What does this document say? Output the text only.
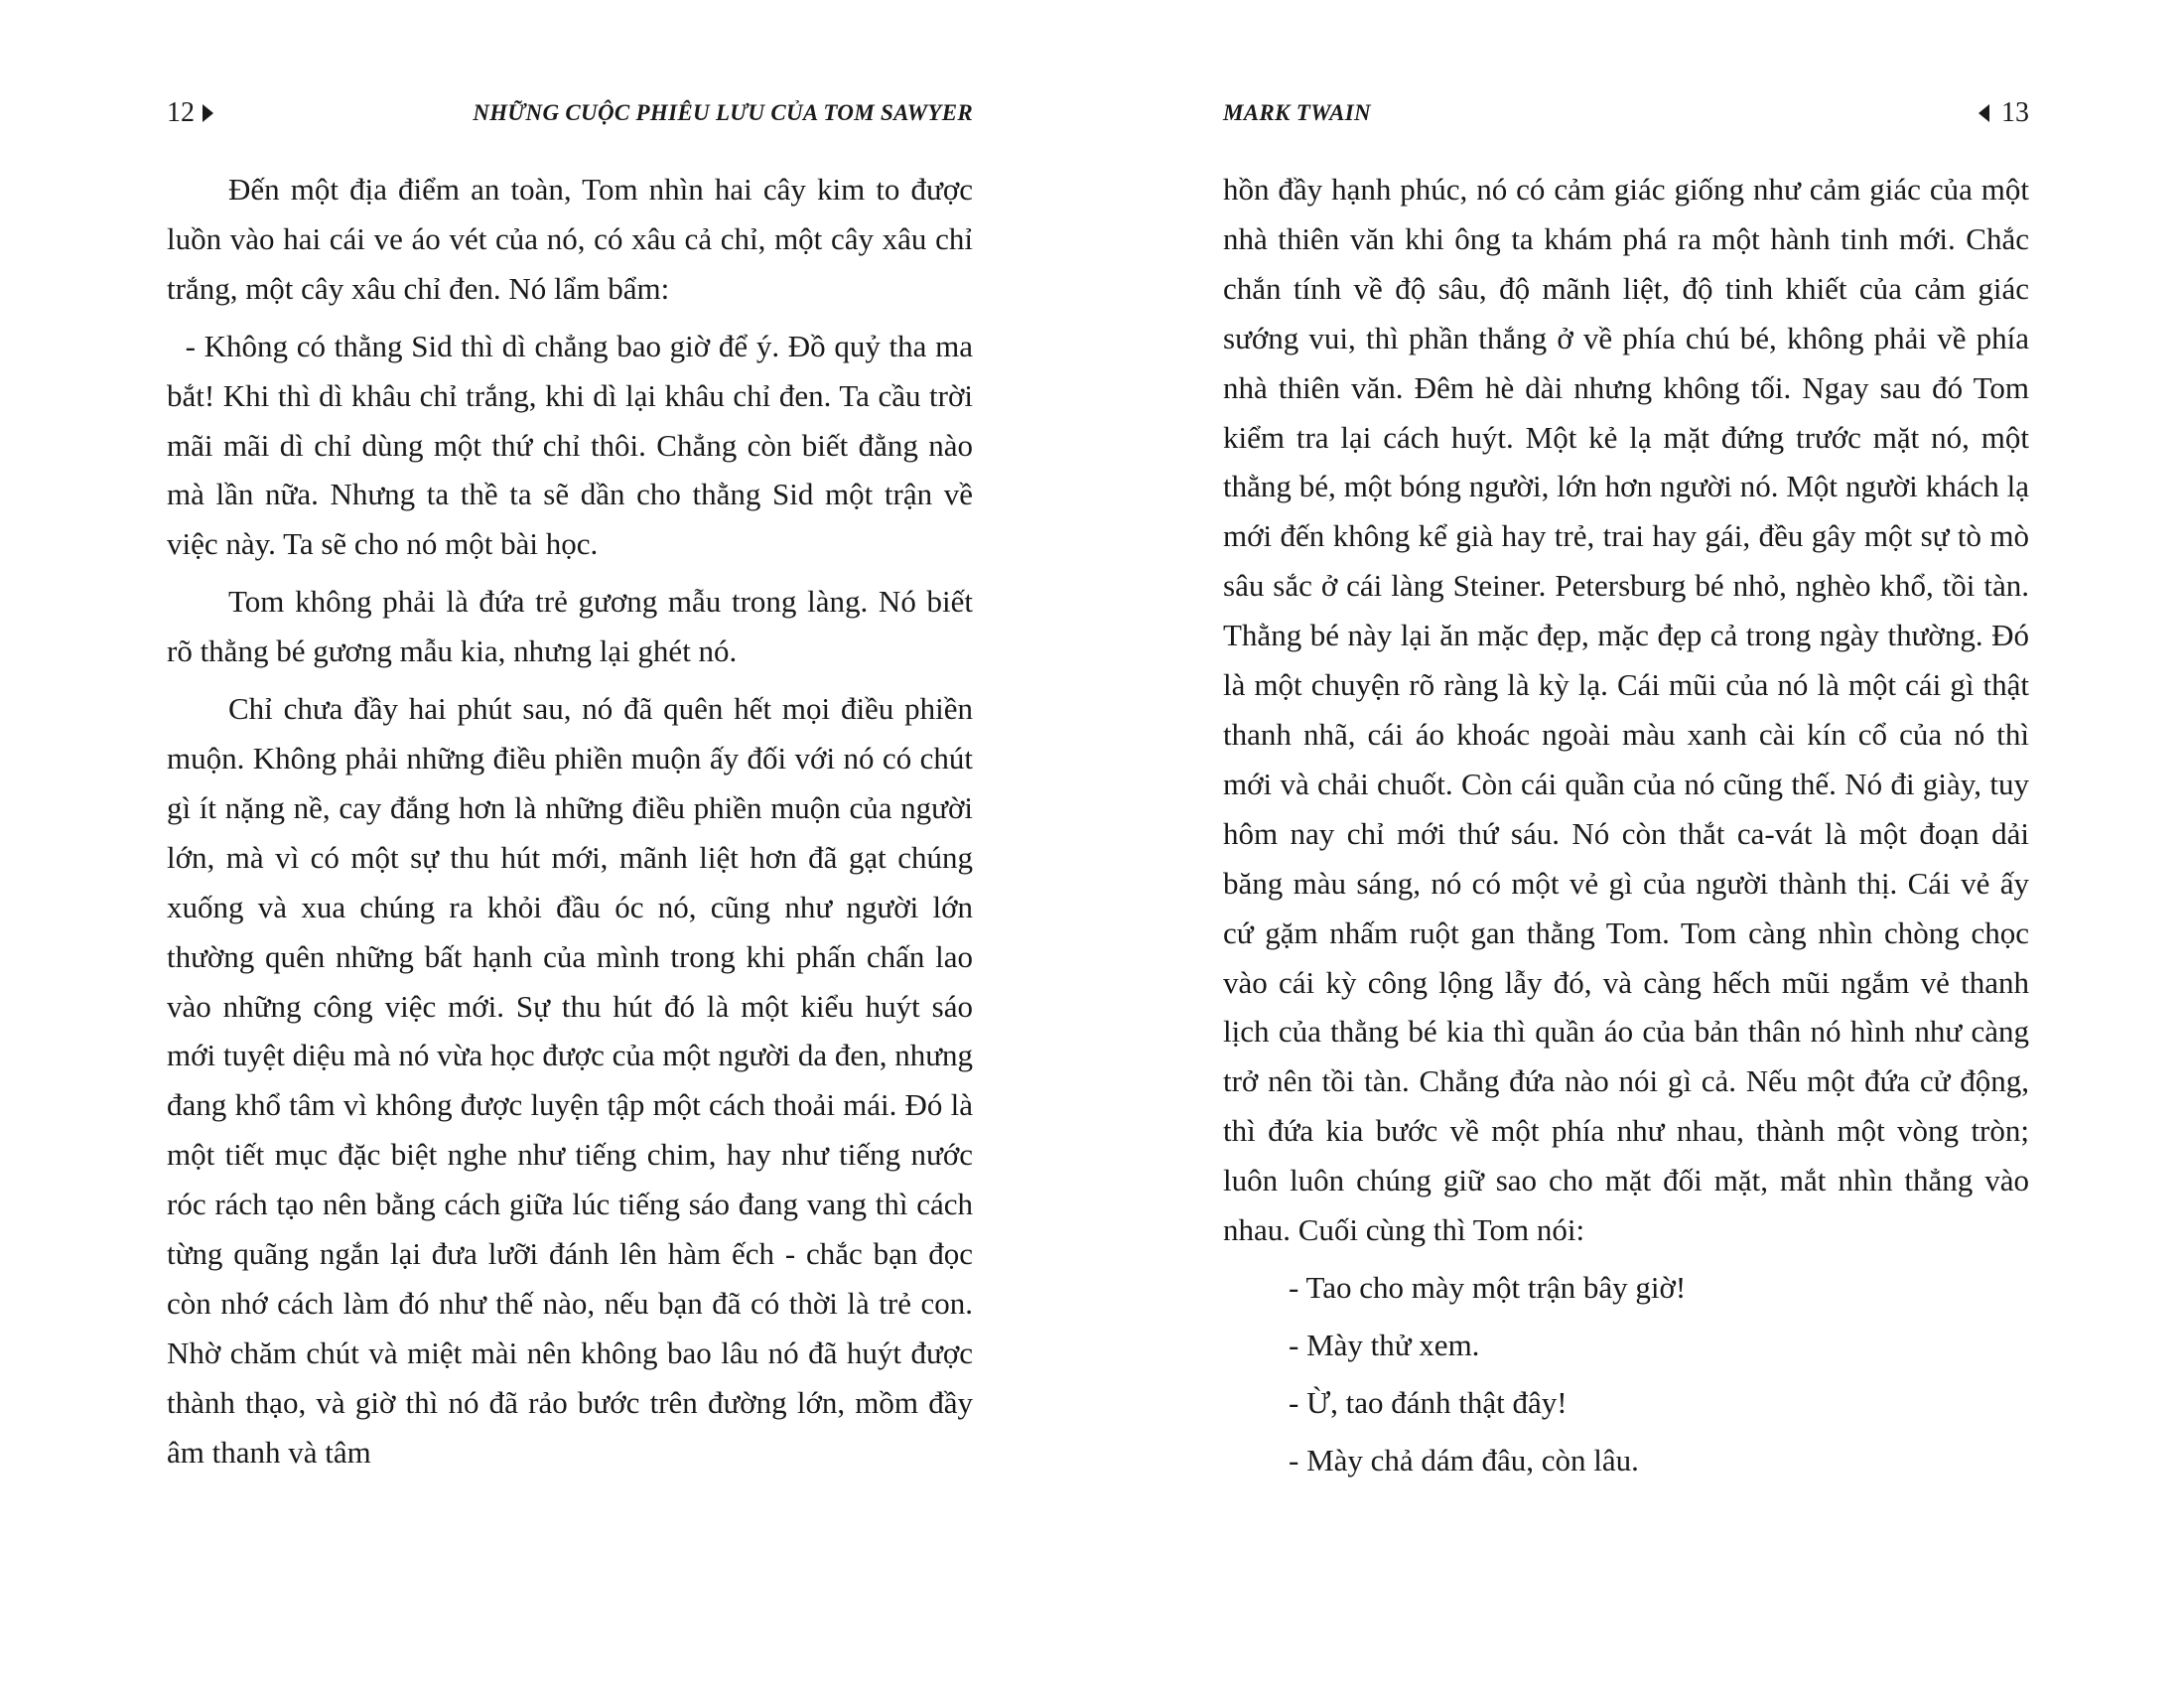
12	NHỮNG CUỘC PHIÊU LƯU CỦA TOM SAWYER

Đến một địa điểm an toàn, Tom nhìn hai cây kim to được luồn vào hai cái ve áo vét của nó, có xâu cả chỉ, một cây xâu chỉ trắng, một cây xâu chỉ đen. Nó lẩm bẩm:

- Không có thằng Sid thì dì chẳng bao giờ để ý. Đồ quỷ tha ma bắt! Khi thì dì khâu chỉ trắng, khi dì lại khâu chỉ đen. Ta cầu trời mãi mãi dì chỉ dùng một thứ chỉ thôi. Chẳng còn biết đằng nào mà lần nữa. Nhưng ta thề ta sẽ dần cho thằng Sid một trận về việc này. Ta sẽ cho nó một bài học.

Tom không phải là đứa trẻ gương mẫu trong làng. Nó biết rõ thằng bé gương mẫu kia, nhưng lại ghét nó.

Chỉ chưa đầy hai phút sau, nó đã quên hết mọi điều phiền muộn. Không phải những điều phiền muộn ấy đối với nó có chút gì ít nặng nề, cay đắng hơn là những điều phiền muộn của người lớn, mà vì có một sự thu hút mới, mãnh liệt hơn đã gạt chúng xuống và xua chúng ra khỏi đầu óc nó, cũng như người lớn thường quên những bất hạnh của mình trong khi phấn chấn lao vào những công việc mới. Sự thu hút đó là một kiểu huýt sáo mới tuyệt diệu mà nó vừa học được của một người da đen, nhưng đang khổ tâm vì không được luyện tập một cách thoải mái. Đó là một tiết mục đặc biệt nghe như tiếng chim, hay như tiếng nước róc rách tạo nên bằng cách giữa lúc tiếng sáo đang vang thì cách từng quãng ngắn lại đưa lưỡi đánh lên hàm ếch - chắc bạn đọc còn nhớ cách làm đó như thế nào, nếu bạn đã có thời là trẻ con. Nhờ chăm chút và miệt mài nên không bao lâu nó đã huýt được thành thạo, và giờ thì nó đã rảo bước trên đường lớn, mồm đầy âm thanh và tâm

MARK TWAIN	13

hồn đầy hạnh phúc, nó có cảm giác giống như cảm giác của một nhà thiên văn khi ông ta khám phá ra một hành tinh mới. Chắc chắn tính về độ sâu, độ mãnh liệt, độ tinh khiết của cảm giác sướng vui, thì phần thắng ở về phía chú bé, không phải về phía nhà thiên văn. Đêm hè dài nhưng không tối. Ngay sau đó Tom kiểm tra lại cách huýt. Một kẻ lạ mặt đứng trước mặt nó, một thằng bé, một bóng người, lớn hơn người nó. Một người khách lạ mới đến không kể già hay trẻ, trai hay gái, đều gây một sự tò mò sâu sắc ở cái làng Steiner. Petersburg bé nhỏ, nghèo khổ, tồi tàn. Thằng bé này lại ăn mặc đẹp, mặc đẹp cả trong ngày thường. Đó là một chuyện rõ ràng là kỳ lạ. Cái mũi của nó là một cái gì thật thanh nhã, cái áo khoác ngoài màu xanh cài kín cổ của nó thì mới và chải chuốt. Còn cái quần của nó cũng thế. Nó đi giày, tuy hôm nay chỉ mới thứ sáu. Nó còn thắt ca-vát là một đoạn dải băng màu sáng, nó có một vẻ gì của người thành thị. Cái vẻ ấy cứ gặm nhấm ruột gan thằng Tom. Tom càng nhìn chòng chọc vào cái kỳ công lộng lẫy đó, và càng hếch mũi ngắm vẻ thanh lịch của thằng bé kia thì quần áo của bản thân nó hình như càng trở nên tồi tàn. Chẳng đứa nào nói gì cả. Nếu một đứa cử động, thì đứa kia bước về một phía như nhau, thành một vòng tròn; luôn luôn chúng giữ sao cho mặt đối mặt, mắt nhìn thẳng vào nhau. Cuối cùng thì Tom nói:

- Tao cho mày một trận bây giờ!

- Mày thử xem.

- Ừ, tao đánh thật đây!

- Mày chả dám đâu, còn lâu.
